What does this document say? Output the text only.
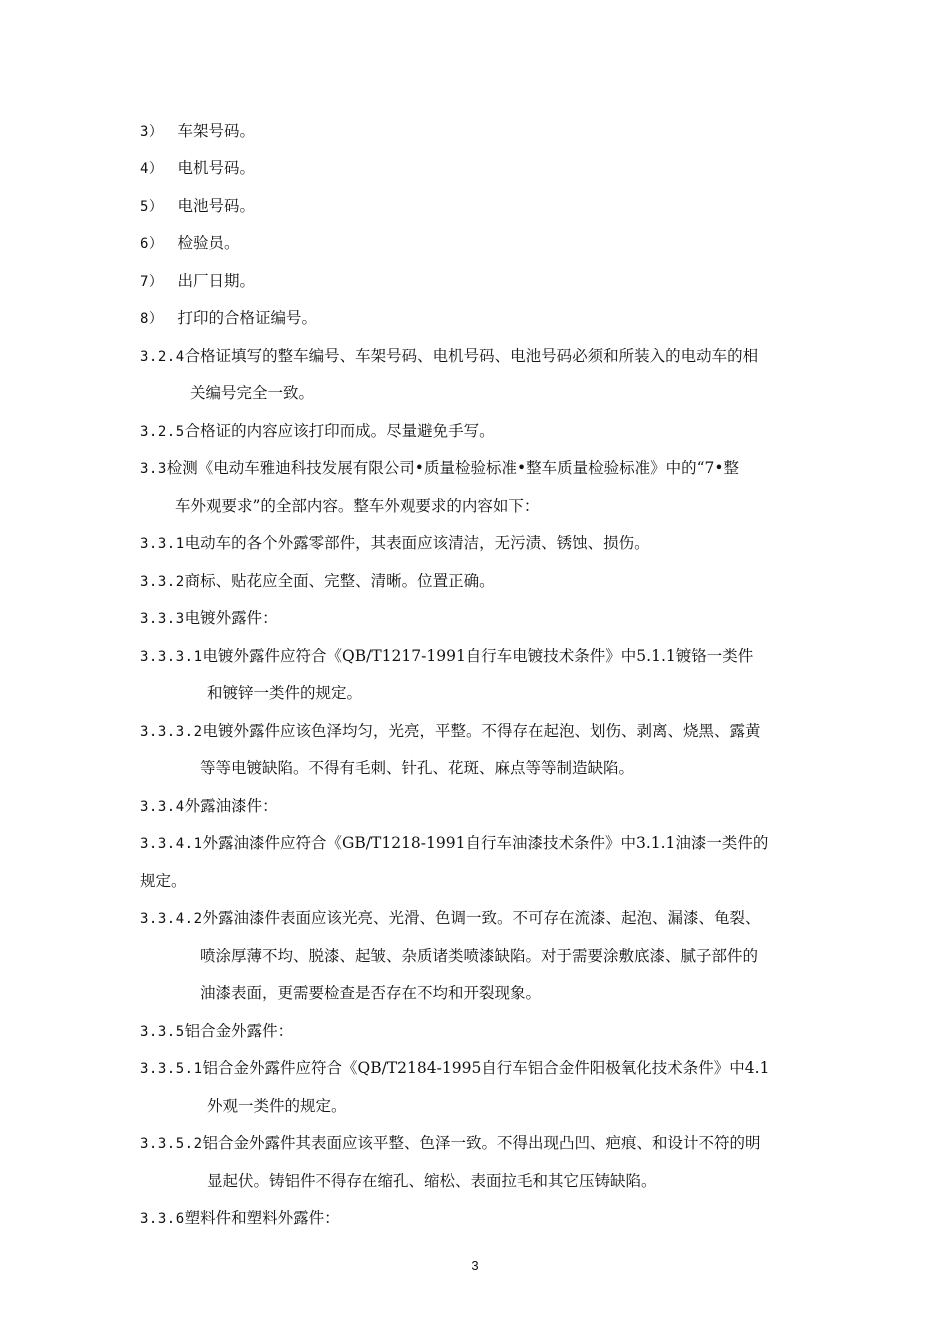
3） 车架号码。
4） 电机号码。
5） 电池号码。
6） 检验员。
7） 出厂日期。
8） 打印的合格证编号。
3.2.4合格证填写的整车编号、车架号码、电机号码、电池号码必须和所装入的电动车的相
关编号完全一致。
3.2.5合格证的内容应该打印而成。尽量避免手写。
3.3检测《电动车雅迪科技发展有限公司•质量检验标准•整车质量检验标准》中的“7•整
车外观要求”的全部内容。整车外观要求的内容如下：
3.3.1电动车的各个外露零部件，其表面应该清洁，无污渍、锈蚀、损伤。
3.3.2商标、贴花应全面、完整、清晰。位置正确。
3.3.3电镀外露件：
3.3.3.1电镀外露件应符合《QB/T1217-1991自行车电镀技术条件》中5.1.1镀铬一类件
和镀锌一类件的规定。
3.3.3.2电镀外露件应该色泽均匀，光亮，平整。不得存在起泡、划伤、剥离、烧黑、露黄
等等电镀缺陷。不得有毛刺、针孔、花斑、麻点等等制造缺陷。
3.3.4外露油漆件：
3.3.4.1外露油漆件应符合《GB/T1218-1991自行车油漆技术条件》中3.1.1油漆一类件的
规定。
3.3.4.2外露油漆件表面应该光亮、光滑、色调一致。不可存在流漆、起泡、漏漆、龟裂、
喷涂厚薄不均、脱漆、起皱、杂质诸类喷漆缺陷。对于需要涂敷底漆、腻子部件的
油漆表面，更需要检查是否存在不均和开裂现象。
3.3.5铝合金外露件：
3.3.5.1铝合金外露件应符合《QB/T2184-1995自行车铝合金件阳极氧化技术条件》中4.1
外观一类件的规定。
3.3.5.2铝合金外露件其表面应该平整、色泽一致。不得出现凸凹、疤痕、和设计不符的明
显起伏。铸铝件不得存在缩孔、缩松、表面拉毛和其它压铸缺陷。
3.3.6塑料件和塑料外露件：
3
